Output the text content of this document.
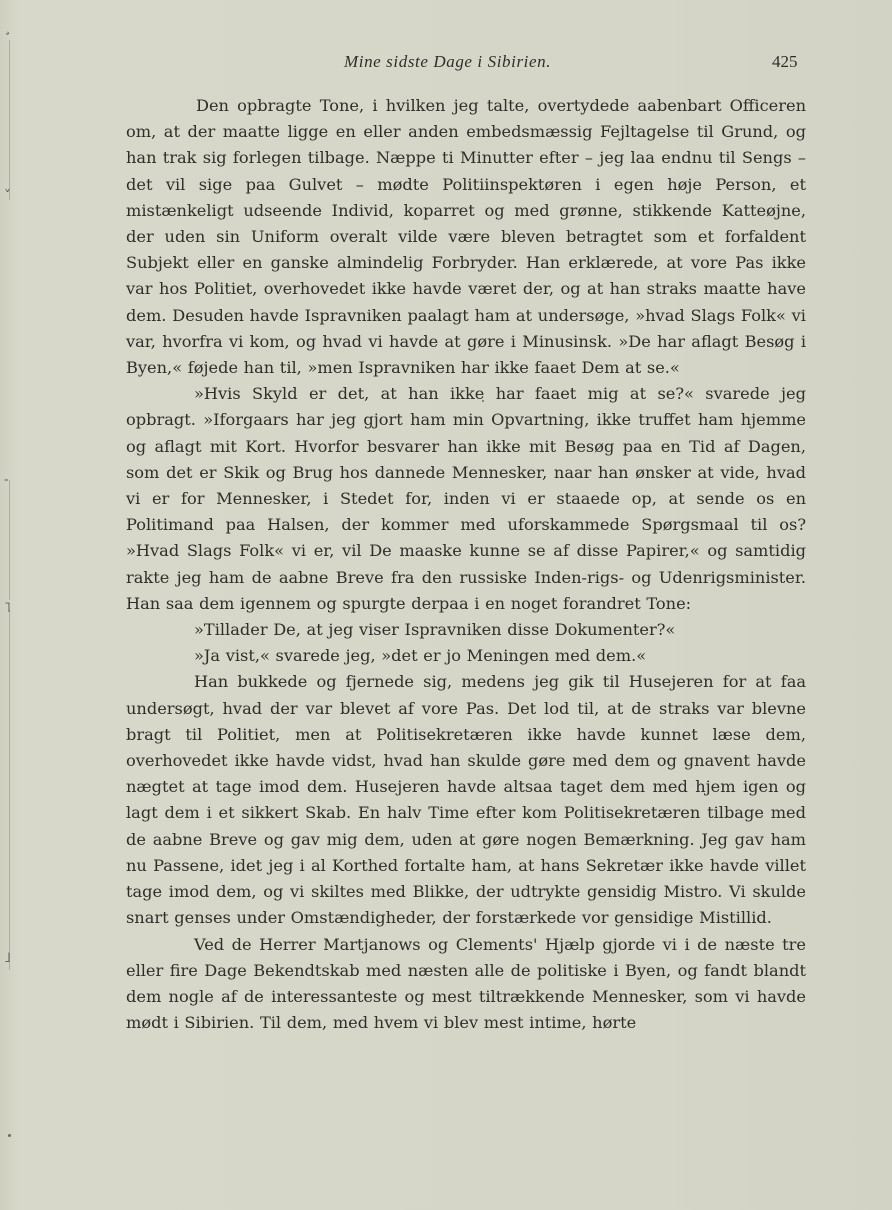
¸
˅
˗
˥
˩
Mine sidste Dage i Sibirien.	425

Den opbragte Tone, i hvilken jeg talte, overtydede aabenbart Officeren om, at der maatte ligge en eller anden embedsmæssig Fejltagelse til Grund, og han trak sig forlegen tilbage. Næppe ti Minutter efter – jeg laa endnu til Sengs – det vil sige paa Gulvet – mødte Politiinspektøren i egen høje Person, et mistænkeligt udseende Individ, koparret og med grønne, stikkende Katteøjne, der uden sin Uniform overalt vilde være bleven betragtet som et forfaldent Subjekt eller en ganske almindelig Forbryder. Han erklærede, at vore Pas ikke var hos Politiet, overhovedet ikke havde været der, og at han straks maatte have dem. Desuden havde Ispravniken paalagt ham at undersøge, »hvad Slags Folk« vi var, hvorfra vi kom, og hvad vi havde at gøre i Minusinsk. »De har aflagt Besøg i Byen,« føjede han til, »men Ispravniken har ikke faaet Dem at se.«

»Hvis Skyld er det, at han ikke har faaet mig at se?« svarede jeg opbragt. »Iforgaars har jeg gjort ham min Opvartning, ikke truffet ham hjemme og aflagt mit Kort. Hvorfor besvarer han ikke mit Besøg paa en Tid af Dagen, som det er Skik og Brug hos dannede Mennesker, naar han ønsker at vide, hvad vi er for Mennesker, i Stedet for, inden vi er staaede op, at sende os en Politimand paa Halsen, der kommer med uforskammede Spørgsmaal til os? »Hvad Slags Folk« vi er, vil De maaske kunne se af disse Papirer,« og samtidig rakte jeg ham de aabne Breve fra den russiske Inden-rigs- og Udenrigsminister. Han saa dem igennem og spurgte derpaa i en noget forandret Tone:

»Tillader De, at jeg viser Ispravniken disse Dokumenter?«

»Ja vist,« svarede jeg, »det er jo Meningen med dem.«

Han bukkede og fjernede sig, medens jeg gik til Husejeren for at faa undersøgt, hvad der var blevet af vore Pas. Det lod til, at de straks var blevne bragt til Politiet, men at Politisekretæren ikke havde kunnet læse dem, overhovedet ikke havde vidst, hvad han skulde gøre med dem og gnavent havde nægtet at tage imod dem. Husejeren havde altsaa taget dem med hjem igen og lagt dem i et sikkert Skab. En halv Time efter kom Politisekretæren tilbage med de aabne Breve og gav mig dem, uden at gøre nogen Bemærkning. Jeg gav ham nu Passene, idet jeg i al Korthed fortalte ham, at hans Sekretær ikke havde villet tage imod dem, og vi skiltes med Blikke, der udtrykte gensidig Mistro. Vi skulde snart genses under Omstændigheder, der forstærkede vor gensidige Mistillid.

Ved de Herrer Martjanows og Clements' Hjælp gjorde vi i de næste tre eller fire Dage Bekendtskab med næsten alle de politiske i Byen, og fandt blandt dem nogle af de interessanteste og mest tiltrækkende Mennesker, som vi havde mødt i Sibirien. Til dem, med hvem vi blev mest intime, hørte
